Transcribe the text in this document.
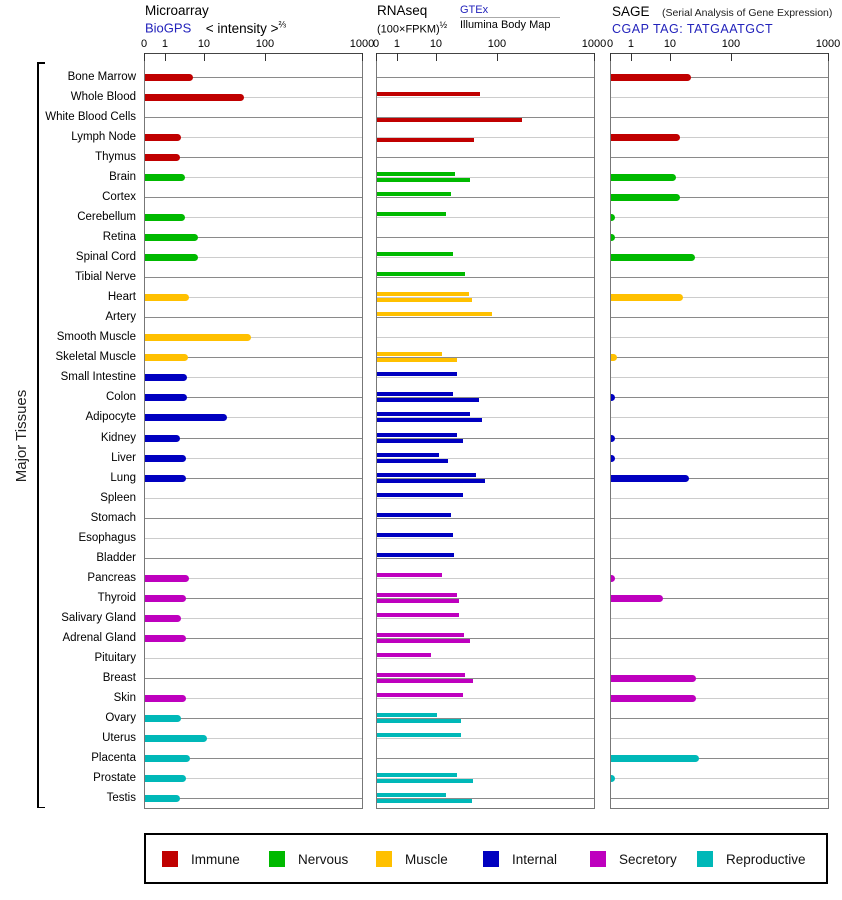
Microarray
BioGPS < intensity >$^{\frac{2}{3}}$
RNAseq
(100×FPKM)$^{\frac{1}{2}}$
GTEx
Illumina Body Map
SAGE (Serial Analysis of Gene Expression)
CGAP TAG: TATGAATGCT
Major Tissues
Bone Marrow
Whole Blood
White Blood Cells
Lymph Node
Thymus
Brain
Cortex
Cerebellum
Retina
Spinal Cord
Tibial Nerve
Heart
Artery
Smooth Muscle
Skeletal Muscle
Small Intestine
Colon
Adipocyte
Kidney
Liver
Lung
Spleen
Stomach
Esophagus
Bladder
Pancreas
Thyroid
Salivary Gland
Adrenal Gland
Pituitary
Breast
Skin
Ovary
Uterus
Placenta
Prostate
Testis
0 1	10	100	1000
0 1	10	100	1000 0 1	10	100	1000
Immune	Nervous	Muscle	Internal	Secretory	Reproductive
